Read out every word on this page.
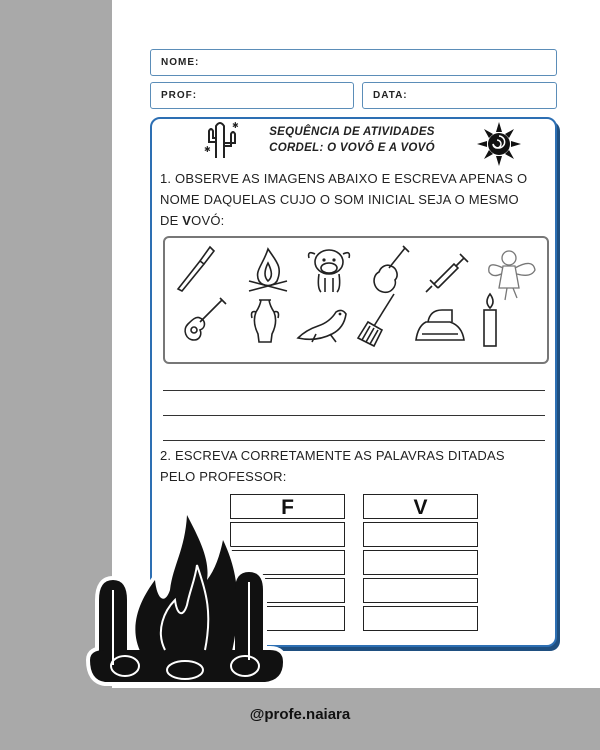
@profe.naiara
NOME:
PROF:	DATA:
✱
✱
SEQUÊNCIA DE ATIVIDADES
CORDEL: O VOVÔ E A VOVÓ
1. OBSERVE AS IMAGENS ABAIXO E ESCREVA APENAS O
NOME DAQUELAS CUJO O SOM INICIAL SEJA O MESMO
DE VOVÓ:
2. ESCREVA CORRETAMENTE AS PALAVRAS DITADAS
PELO PROFESSOR:
F	V
